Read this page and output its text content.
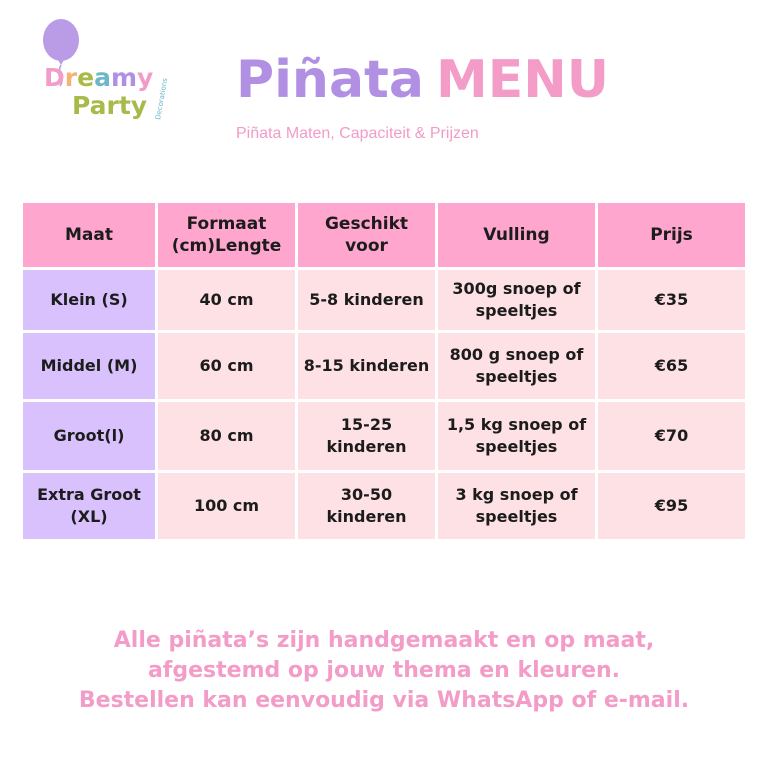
Dreamy
Party Decorations Piñata MENU
Piñata Maten, Capaciteit & Prijzen
Maat	Formaat (cm)Lengte	Geschikt voor	Vulling	Prijs
Klein (S)	40 cm	5-8 kinderen	300g snoep of speeltjes	€35
Middel (M)	60 cm	8-15 kinderen	800 g snoep of speeltjes	€65
Groot(l)	80 cm	15-25 kinderen	1,5 kg snoep of speeltjes	€70
Extra Groot (XL)	100 cm	30-50 kinderen	3 kg snoep of speeltjes	€95
Alle piñata’s zijn handgemaakt en op maat,
afgestemd op jouw thema en kleuren.
Bestellen kan eenvoudig via WhatsApp of e-mail.
